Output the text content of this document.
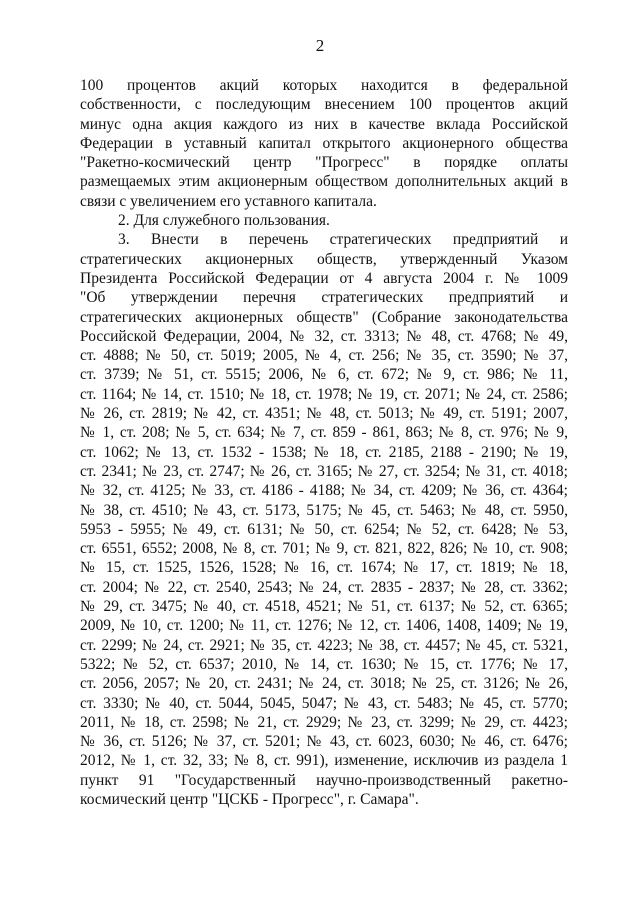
2
100 процентов акций которых находится в федеральной
собственности, с последующим внесением 100 процентов акций
минус одна акция каждого из них в качестве вклада Российской
Федерации в уставный капитал открытого акционерного общества
"Ракетно-космический центр "Прогресс" в порядке оплаты
размещаемых этим акционерным обществом дополнительных акций в
связи с увеличением его уставного капитала.
2. Для служебного пользования.
3. Внести в перечень стратегических предприятий и
стратегических акционерных обществ, утвержденный Указом
Президента Российской Федерации от 4 августа 2004 г. № 1009
"Об утверждении перечня стратегических предприятий и
стратегических акционерных обществ" (Собрание законодательства
Российской Федерации, 2004, № 32, ст. 3313; № 48, ст. 4768; № 49,
ст. 4888; № 50, ст. 5019; 2005, № 4, ст. 256; № 35, ст. 3590; № 37,
ст. 3739; № 51, ст. 5515; 2006, № 6, ст. 672; № 9, ст. 986; № 11,
ст. 1164; № 14, ст. 1510; № 18, ст. 1978; № 19, ст. 2071; № 24, ст. 2586;
№ 26, ст. 2819; № 42, ст. 4351; № 48, ст. 5013; № 49, ст. 5191; 2007,
№ 1, ст. 208; № 5, ст. 634; № 7, ст. 859 - 861, 863; № 8, ст. 976; № 9,
ст. 1062; № 13, ст. 1532 - 1538; № 18, ст. 2185, 2188 - 2190; № 19,
ст. 2341; № 23, ст. 2747; № 26, ст. 3165; № 27, ст. 3254; № 31, ст. 4018;
№ 32, ст. 4125; № 33, ст. 4186 - 4188; № 34, ст. 4209; № 36, ст. 4364;
№ 38, ст. 4510; № 43, ст. 5173, 5175; № 45, ст. 5463; № 48, ст. 5950,
5953 - 5955; № 49, ст. 6131; № 50, ст. 6254; № 52, ст. 6428; № 53,
ст. 6551, 6552; 2008, № 8, ст. 701; № 9, ст. 821, 822, 826; № 10, ст. 908;
№ 15, ст. 1525, 1526, 1528; № 16, ст. 1674; № 17, ст. 1819; № 18,
ст. 2004; № 22, ст. 2540, 2543; № 24, ст. 2835 - 2837; № 28, ст. 3362;
№ 29, ст. 3475; № 40, ст. 4518, 4521; № 51, ст. 6137; № 52, ст. 6365;
2009, № 10, ст. 1200; № 11, ст. 1276; № 12, ст. 1406, 1408, 1409; № 19,
ст. 2299; № 24, ст. 2921; № 35, ст. 4223; № 38, ст. 4457; № 45, ст. 5321,
5322; № 52, ст. 6537; 2010, № 14, ст. 1630; № 15, ст. 1776; № 17,
ст. 2056, 2057; № 20, ст. 2431; № 24, ст. 3018; № 25, ст. 3126; № 26,
ст. 3330; № 40, ст. 5044, 5045, 5047; № 43, ст. 5483; № 45, ст. 5770;
2011, № 18, ст. 2598; № 21, ст. 2929; № 23, ст. 3299; № 29, ст. 4423;
№ 36, ст. 5126; № 37, ст. 5201; № 43, ст. 6023, 6030; № 46, ст. 6476;
2012, № 1, ст. 32, 33; № 8, ст. 991), изменение, исключив из раздела 1
пункт 91 "Государственный научно-производственный ракетно-
космический центр "ЦСКБ - Прогресс", г. Самара".
